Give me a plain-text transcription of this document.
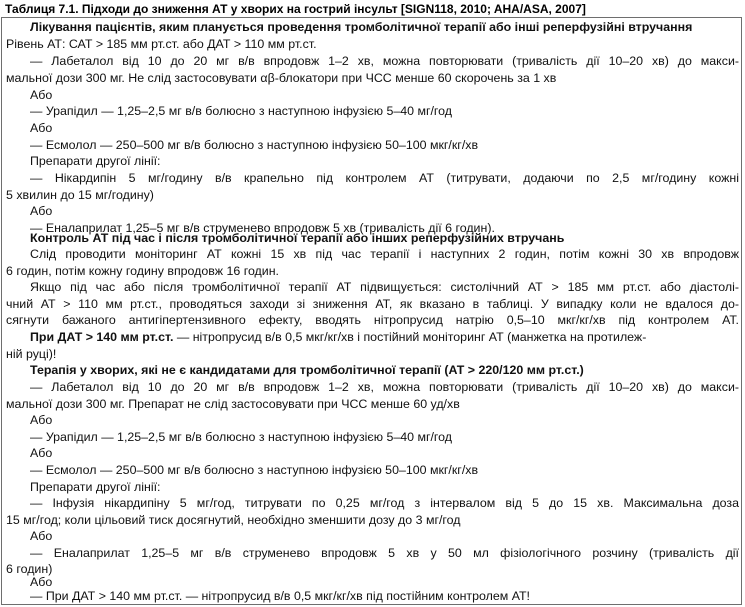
Таблиця 7.1. Підходи до зниження АТ у хворих на гострий інсульт [SIGN118, 2010; AHA/ASA, 2007]
Лікування пацієнтів, яким планується проведення тромболітичної терапії або інші реперфузійні втручання
Рівень АТ: САТ > 185 мм рт.ст. або ДАТ > 110 мм рт.ст.
— Лабеталол від 10 до 20 мг в/в впродовж 1–2 хв, можна повторювати (тривалість дії 10–20 хв) до макси-
мальної дози 300 мг. Не слід застосовувати αβ-блокатори при ЧСС менше 60 скорочень за 1 хв
Або
— Урапідил — 1,25–2,5 мг в/в болюсно з наступною інфузією 5–40 мг/год
Або
— Есмолол — 250–500 мг в/в болюсно з наступною інфузією 50–100 мкг/кг/хв
Препарати другої лінії:
— Нікардипін 5 мг/годину в/в крапельно під контролем АТ (титрувати, додаючи по 2,5 мг/годину кожні
5 хвилин до 15 мг/годину)
Або
— Еналаприлат 1,25–5 мг в/в струменево впродовж 5 хв (тривалість дії 6 годин).
Контроль АТ під час і після тромболітичної терапії або інших реперфузійних втручань
Слід проводити моніторинг АТ кожні 15 хв під час терапії і наступних 2 годин, потім кожні 30 хв впродовж
6 годин, потім кожну годину впродовж 16 годин.
Якщо під час або після тромболітичної терапії АТ підвищується: систолічний АТ > 185 мм рт.ст. або діастолі-
чний АТ > 110 мм рт.ст., проводяться заходи зі зниження АТ, як вказано в таблиці. У випадку коли не вдалося до-
сягнути бажаного антигіпертензивного ефекту, вводять нітропрусид натрію 0,5–10 мкг/кг/хв під контролем АТ.
При ДАТ > 140 мм рт.ст. — нітропрусид в/в 0,5 мкг/кг/хв і постійний моніторинг АТ (манжетка на протилеж-
ній руці)!
Терапія у хворих, які не є кандидатами для тромболітичної терапії (АТ > 220/120 мм рт.ст.)
— Лабеталол від 10 до 20 мг в/в впродовж 1–2 хв, можна повторювати (тривалість дії 10–20 хв) до макси-
мальної дози 300 мг. Препарат не слід застосовувати при ЧСС менше 60 уд/хв
Або
— Урапідил — 1,25–2,5 мг в/в болюсно з наступною інфузією 5–40 мг/год
Або
— Есмолол — 250–500 мг в/в болюсно з наступною інфузією 50–100 мкг/кг/хв
Препарати другої лінії:
— Інфузія нікардипіну 5 мг/год, титрувати по 0,25 мг/год з інтервалом від 5 до 15 хв. Максимальна доза
15 мг/год; коли цільовий тиск досягнутий, необхідно зменшити дозу до 3 мг/год
Або
— Еналаприлат 1,25–5 мг в/в струменево впродовж 5 хв у 50 мл фізіологічного розчину (тривалість дії
6 годин)
Або
— При ДАТ > 140 мм рт.ст. — нітропрусид в/в 0,5 мкг/кг/хв під постійним контролем АТ!
